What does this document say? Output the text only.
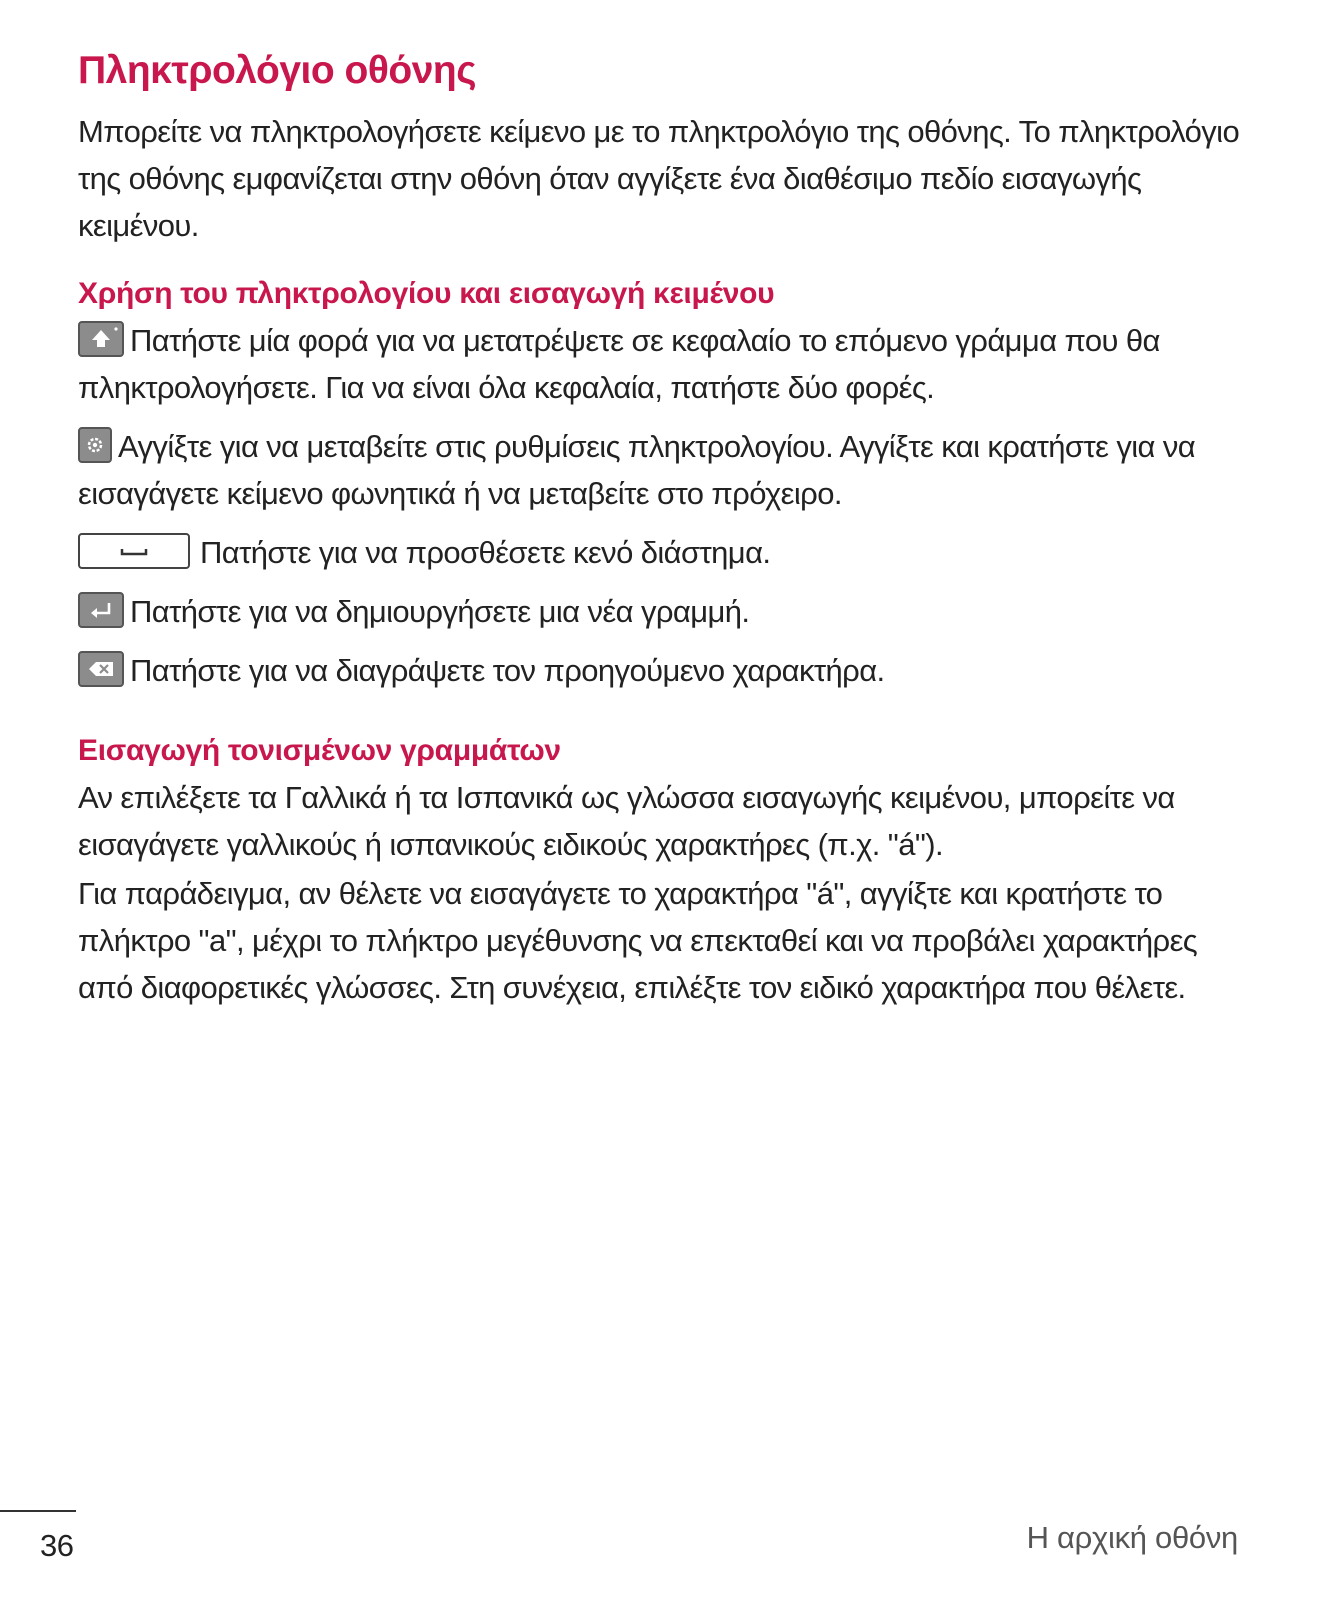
Πληκτρολόγιο οθόνης

Μπορείτε να πληκτρολογήσετε κείμενο με το πληκτρολόγιο της οθόνης. Το πληκτρολόγιο της οθόνης εμφανίζεται στην οθόνη όταν αγγίξετε ένα διαθέσιμο πεδίο εισαγωγής κειμένου.

Χρήση του πληκτρολογίου και εισαγωγή κειμένου
Πατήστε μία φορά για να μετατρέψετε σε κεφαλαίο το επόμενο γράμμα που θα πληκτρολογήσετε. Για να είναι όλα κεφαλαία, πατήστε δύο φορές.
Αγγίξτε για να μεταβείτε στις ρυθμίσεις πληκτρολογίου. Αγγίξτε και κρατήστε για να εισαγάγετε κείμενο φωνητικά ή να μεταβείτε στο πρόχειρο.
Πατήστε για να προσθέσετε κενό διάστημα.
Πατήστε για να δημιουργήσετε μια νέα γραμμή.
Πατήστε για να διαγράψετε τον προηγούμενο χαρακτήρα.
Εισαγωγή τονισμένων γραμμάτων

Αν επιλέξετε τα Γαλλικά ή τα Ισπανικά ως γλώσσα εισαγωγής κειμένου, μπορείτε να εισαγάγετε γαλλικούς ή ισπανικούς ειδικούς χαρακτήρες (π.χ. "á").

Για παράδειγμα, αν θέλετε να εισαγάγετε το χαρακτήρα "á", αγγίξτε και κρατήστε το πλήκτρο "a", μέχρι το πλήκτρο μεγέθυνσης να επεκταθεί και να προβάλει χαρακτήρες από διαφορετικές γλώσσες. Στη συνέχεια, επιλέξτε τον ειδικό χαρακτήρα που θέλετε.

36	Η αρχική οθόνη
